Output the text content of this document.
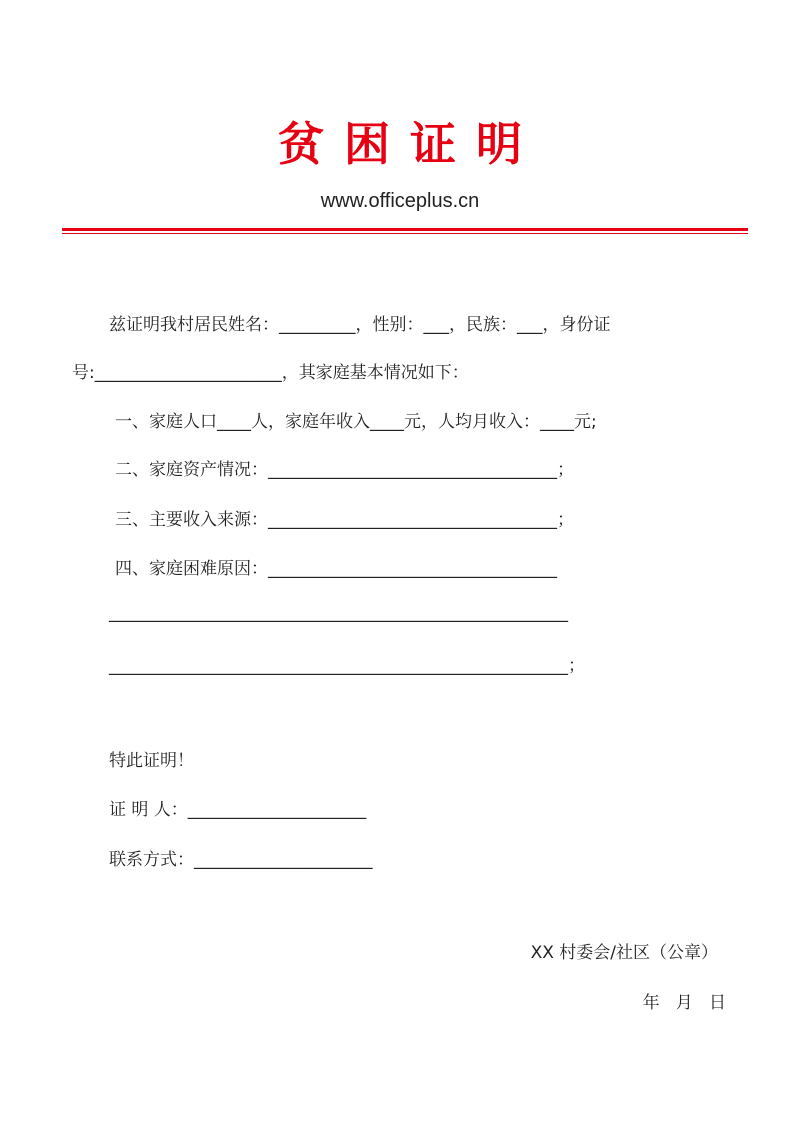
贫困证明
www.officeplus.cn
兹证明我村居民姓名：_________，性别：___，民族：___，身份证
号:______________________，其家庭基本情况如下：
一、家庭人口____人，家庭年收入____元，人均月收入：____元;
二、家庭资产情况：__________________________________；
三、主要收入来源：__________________________________；
四、家庭困难原因：__________________________________
______________________________________________________
______________________________________________________；
特此证明！
证 明 人：_____________________
联系方式：_____________________
XX 村委会/社区（公章）
年   月   日
